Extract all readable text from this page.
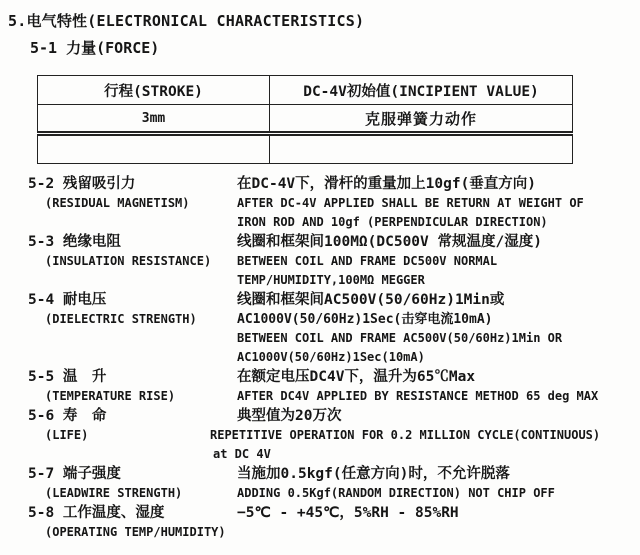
5.电气特性(ELECTRONICAL CHARACTERISTICS)
5-1 力量(FORCE)
行程(STROKE)	DC-4V初始值(INCIPIENT VALUE)
3mm	克服弹簧力动作

5-2 残留吸引力
(RESIDUAL MAGNETISM)
在DC-4V下，滑杆的重量加上10gf(垂直方向)
AFTER DC-4V APPLIED SHALL BE RETURN AT WEIGHT OF
IRON ROD AND 10gf (PERPENDICULAR DIRECTION)
5-3 绝缘电阻
(INSULATION RESISTANCE)
线圈和框架间100MΩ(DC500V 常规温度/湿度)
BETWEEN COIL AND FRAME DC500V NORMAL
TEMP/HUMIDITY,100MΩ MEGGER
5-4 耐电压
(DIELECTRIC STRENGTH)
线圈和框架间AC500V(50/60Hz)1Min或
AC1000V(50/60Hz)1Sec(击穿电流10mA)
BETWEEN COIL AND FRAME AC500V(50/60Hz)1Min OR
AC1000V(50/60Hz)1Sec(10mA)
5-5 温　升
(TEMPERATURE RISE)
在额定电压DC4V下，温升为65℃Max
AFTER DC4V APPLIED BY RESISTANCE METHOD 65 deg MAX
5-6 寿　命
(LIFE)
典型值为20万次
REPETITIVE OPERATION FOR 0.2 MILLION CYCLE(CONTINUOUS)
at DC 4V
5-7 端子强度
(LEADWIRE STRENGTH)
当施加0.5kgf(任意方向)时，不允许脱落
ADDING 0.5Kgf(RANDOM DIRECTION) NOT CHIP OFF
5-8 工作温度、湿度
(OPERATING TEMP/HUMIDITY)
−5℃ - +45℃，5%RH - 85%RH
